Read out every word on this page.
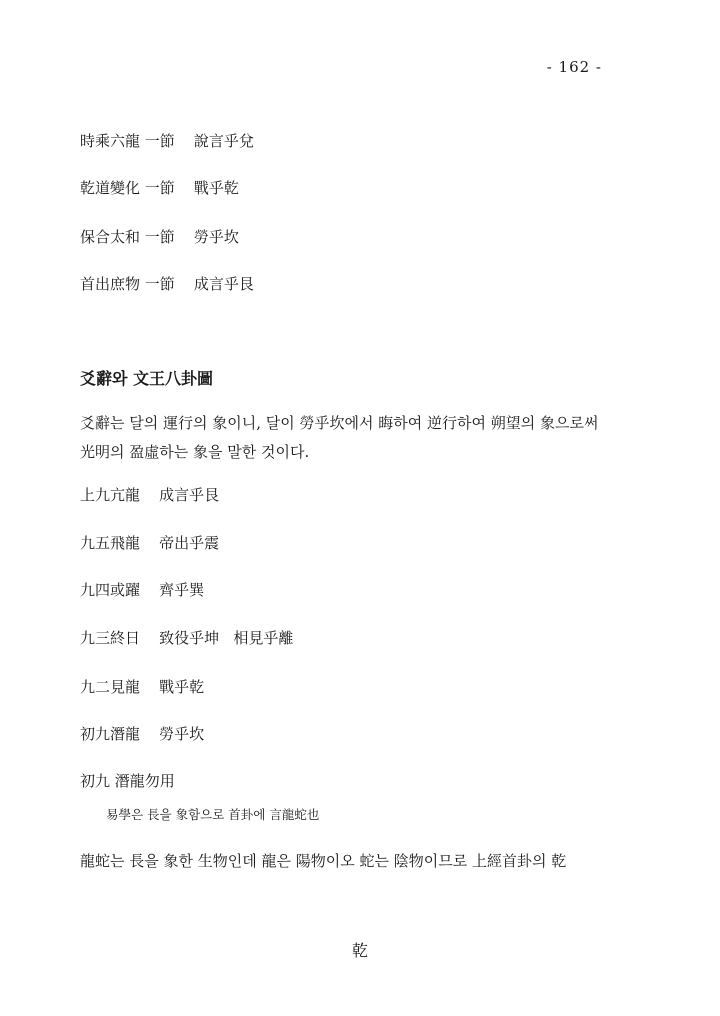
- 162 -
時乘六龍 一節    說言乎兌
乾道變化 一節    戰乎乾
保合太和 一節    勞乎坎
首出庶物 一節    成言乎艮
爻辭와 文王八卦圖
爻辭는 달의 運行의 象이니, 달이 勞乎坎에서 晦하여 逆行하여 朔望의 象으로써 光明의 盈虛하는 象을 말한 것이다.
上九亢龍    成言乎艮
九五飛龍    帝出乎震
九四或躍    齊乎巽
九三終日    致役乎坤   相見乎離
九二見龍    戰乎乾
初九潛龍    勞乎坎
初九 潛龍勿用
易學은 長을 象함으로 首卦에 言龍蛇也
龍蛇는 長을 象한 生物인데 龍은 陽物이오 蛇는 陰物이므로 上經首卦의 乾
乾
